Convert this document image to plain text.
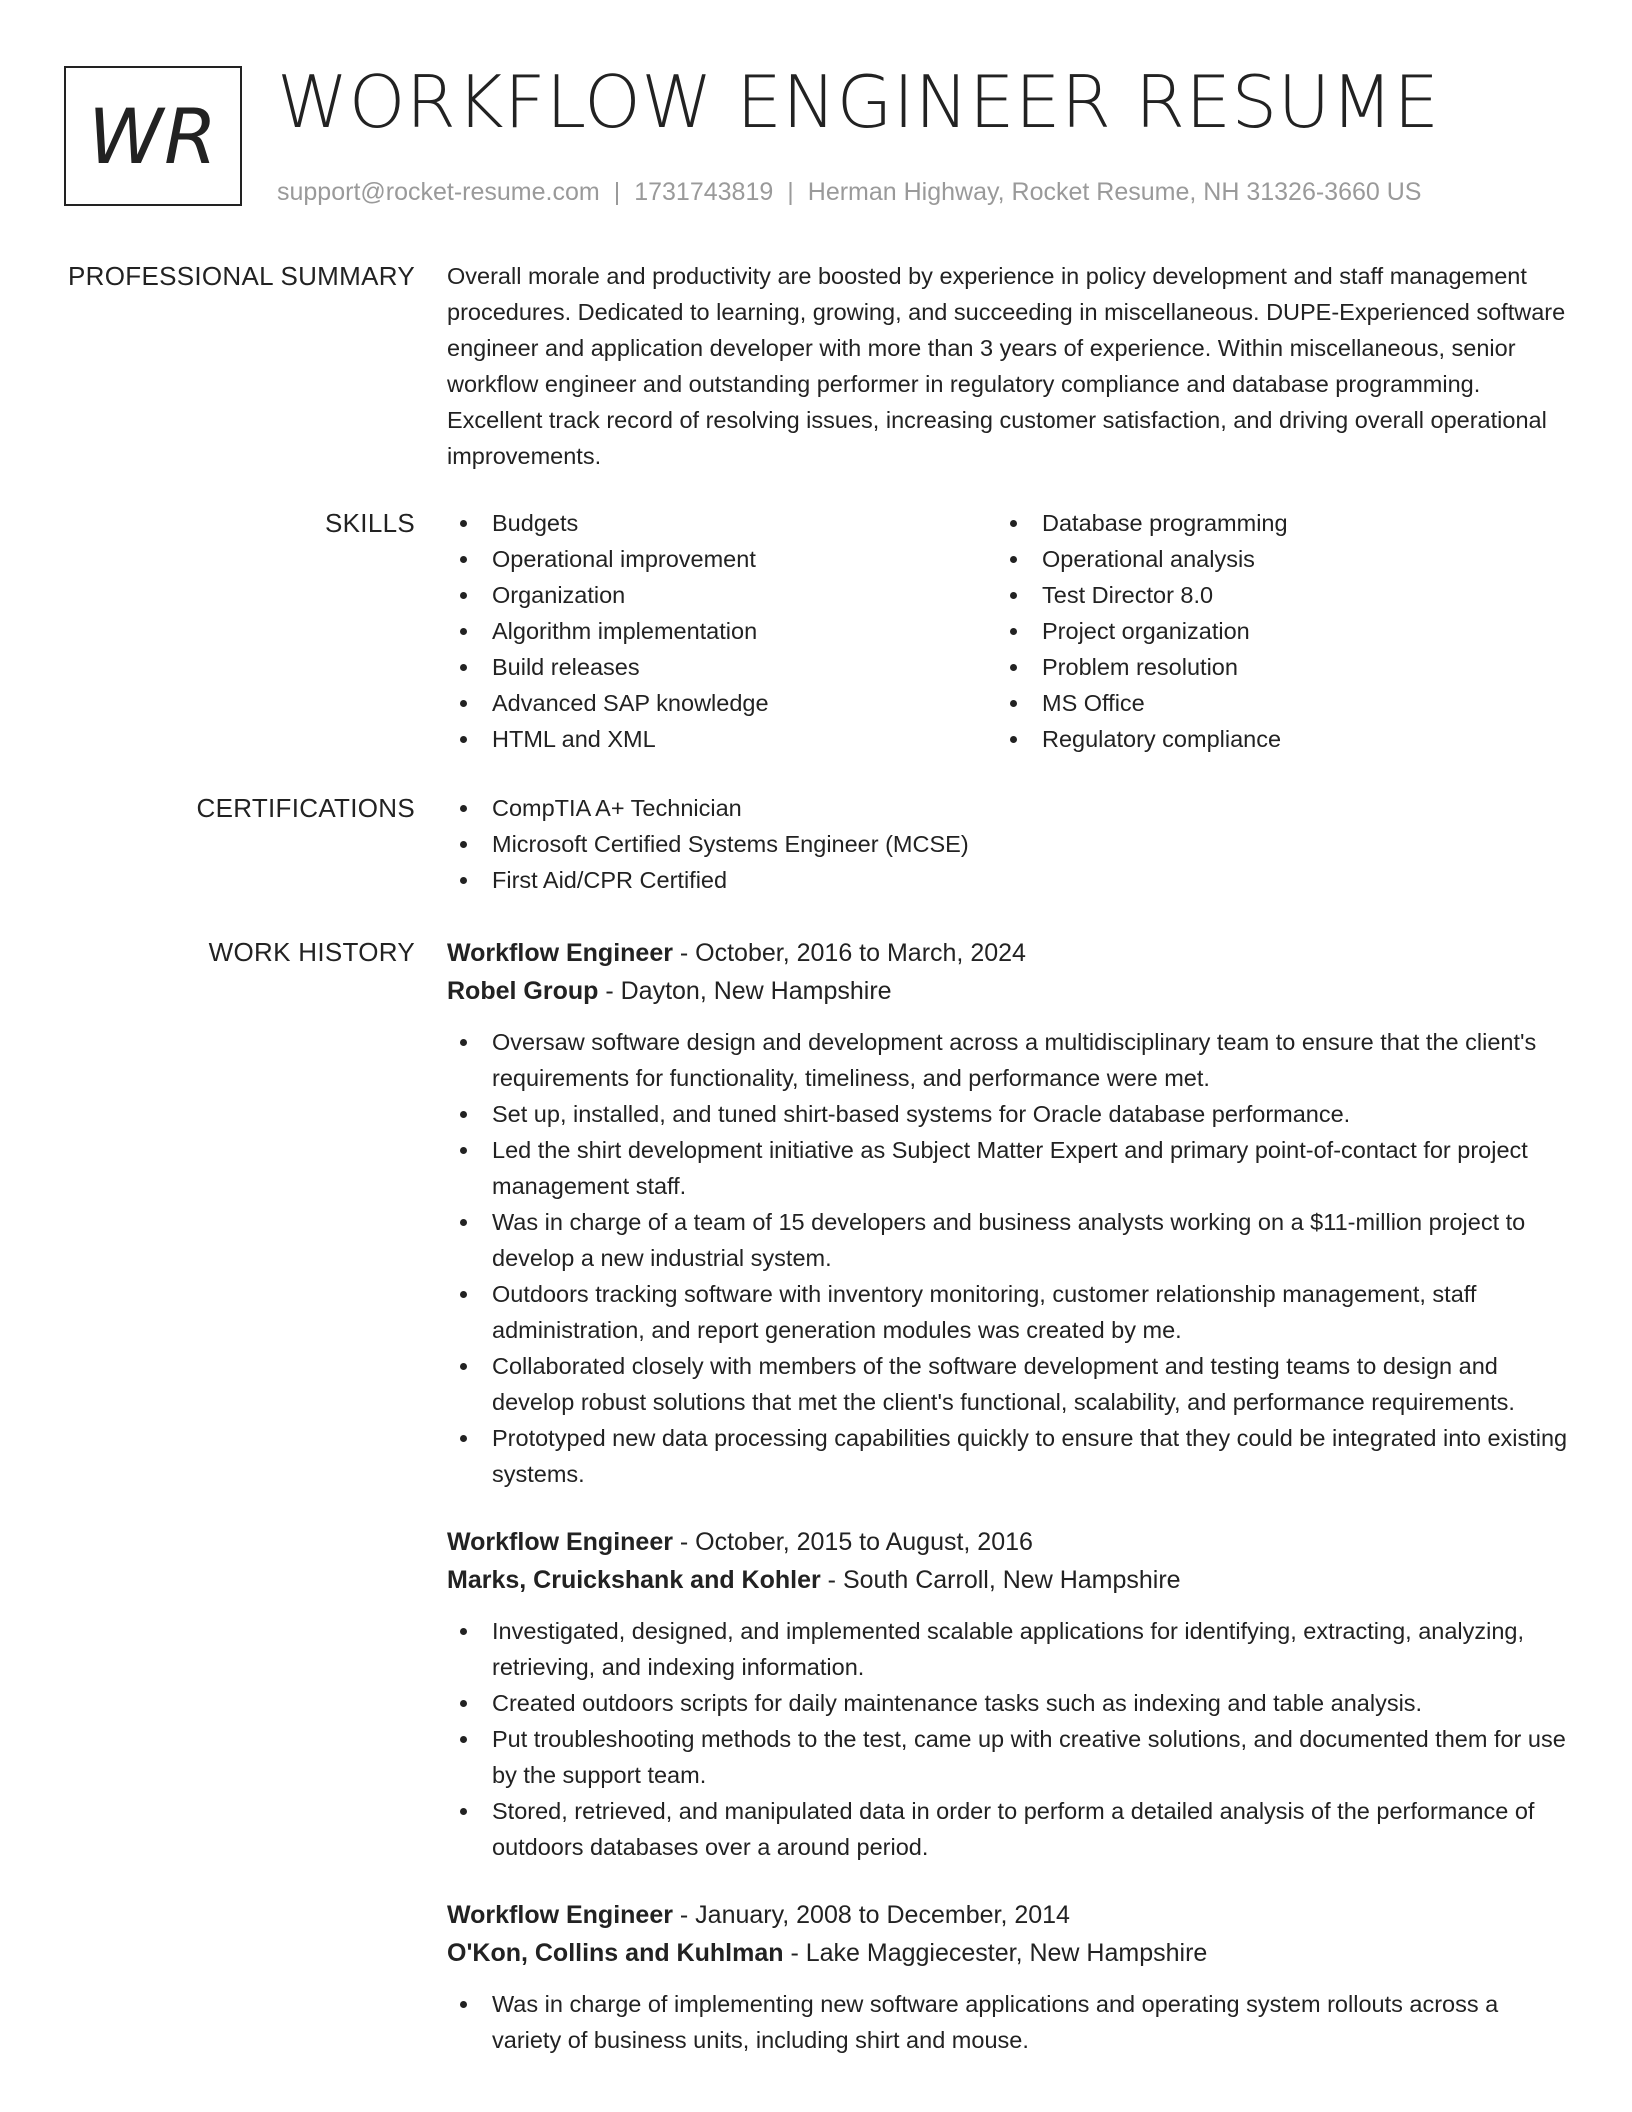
WR WORKFLOW ENGINEER RESUME
support@rocket-resume.com | 1731743819 | Herman Highway, Rocket Resume, NH 31326-3660 US
PROFESSIONAL SUMMARY Overall morale and productivity are boosted by experience in policy development and staff management procedures. Dedicated to learning, growing, and succeeding in miscellaneous. DUPE-Experienced software engineer and application developer with more than 3 years of experience. Within miscellaneous, senior workflow engineer and outstanding performer in regulatory compliance and database programming. Excellent track record of resolving issues, increasing customer satisfaction, and driving overall operational improvements.

SKILLS	Budgets
Operational improvement
Organization
Algorithm implementation
Build releases
Advanced SAP knowledge
HTML and XML
Database programming
Operational analysis
Test Director 8.0
Project organization
Problem resolution
MS Office
Regulatory compliance
CERTIFICATIONS	CompTIA A+ Technician
Microsoft Certified Systems Engineer (MCSE)
First Aid/CPR Certified
WORK HISTORY Workflow Engineer - October, 2016 to March, 2024
Robel Group - Dayton, New Hampshire
Oversaw software design and development across a multidisciplinary team to ensure that the client's requirements for functionality, timeliness, and performance were met.
Set up, installed, and tuned shirt-based systems for Oracle database performance.
Led the shirt development initiative as Subject Matter Expert and primary point-of-contact for project management staff.
Was in charge of a team of 15 developers and business analysts working on a $11-million project to develop a new industrial system.
Outdoors tracking software with inventory monitoring, customer relationship management, staff administration, and report generation modules was created by me.
Collaborated closely with members of the software development and testing teams to design and develop robust solutions that met the client's functional, scalability, and performance requirements.
Prototyped new data processing capabilities quickly to ensure that they could be integrated into existing systems.
Workflow Engineer - October, 2015 to August, 2016
Marks, Cruickshank and Kohler - South Carroll, New Hampshire
Investigated, designed, and implemented scalable applications for identifying, extracting, analyzing, retrieving, and indexing information.
Created outdoors scripts for daily maintenance tasks such as indexing and table analysis.
Put troubleshooting methods to the test, came up with creative solutions, and documented them for use by the support team.
Stored, retrieved, and manipulated data in order to perform a detailed analysis of the performance of outdoors databases over a around period.
Workflow Engineer - January, 2008 to December, 2014
O'Kon, Collins and Kuhlman - Lake Maggiecester, New Hampshire
Was in charge of implementing new software applications and operating system rollouts across a variety of business units, including shirt and mouse.
